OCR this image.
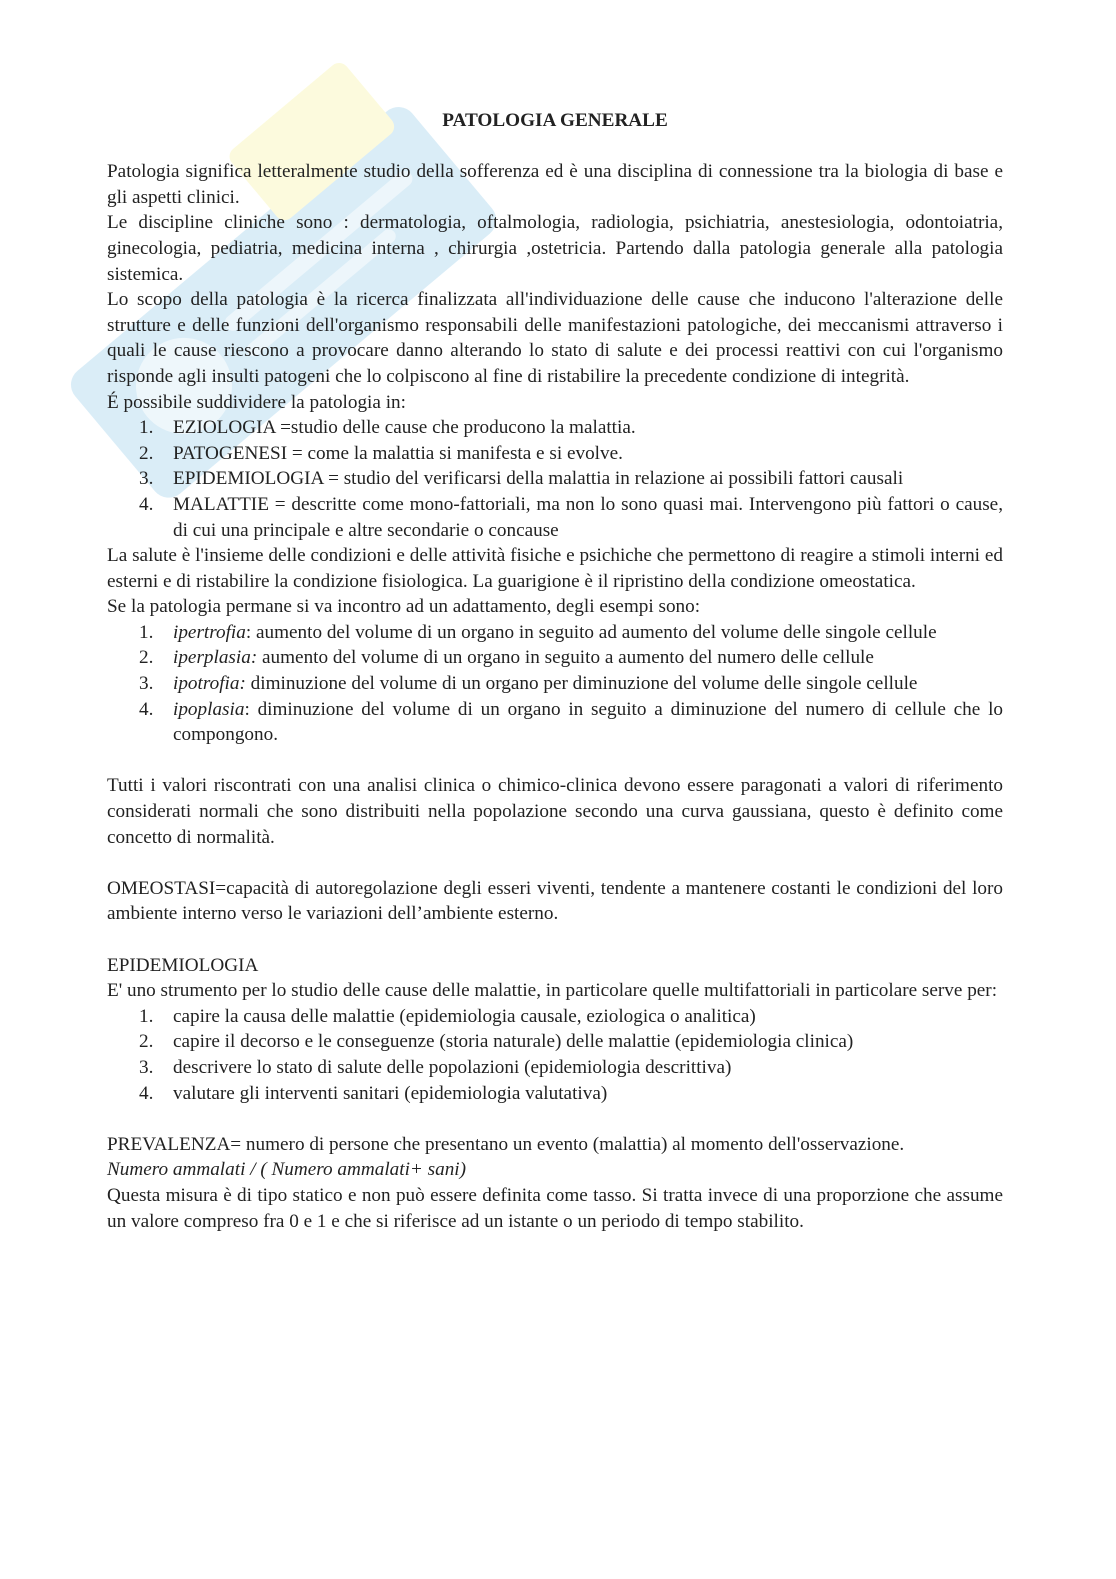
PATOLOGIA GENERALE

Patologia significa letteralmente studio della sofferenza ed è una disciplina di connessione tra la biologia di base e gli aspetti clinici.

Le discipline cliniche sono : dermatologia, oftalmologia, radiologia, psichiatria, anestesiologia, odontoiatria, ginecologia, pediatria, medicina interna , chirurgia ,ostetricia. Partendo dalla patologia generale alla patologia sistemica.

Lo scopo della patologia è la ricerca finalizzata all'individuazione delle cause che inducono l'alterazione delle strutture e delle funzioni dell'organismo responsabili delle manifestazioni patologiche, dei meccanismi attraverso i quali le cause riescono a provocare danno alterando lo stato di salute e dei processi reattivi con cui l'organismo risponde agli insulti patogeni che lo colpiscono al fine di ristabilire la precedente condizione di integrità.

É possibile suddividere la patologia in:

1.	EZIOLOGIA =studio delle cause che producono la malattia.
2.	PATOGENESI = come la malattia si manifesta e si evolve.
3.	EPIDEMIOLOGIA = studio del verificarsi della malattia in relazione ai possibili fattori causali
4.	MALATTIE = descritte come mono-fattoriali, ma non lo sono quasi mai. Intervengono più fattori o cause, di cui una principale e altre secondarie o concause

La salute è l'insieme delle condizioni e delle attività fisiche e psichiche che permettono di reagire a stimoli interni ed esterni e di ristabilire la condizione fisiologica. La guarigione è il ripristino della condizione omeostatica.

Se la patologia permane si va incontro ad un adattamento, degli esempi sono:

1.	ipertrofia: aumento del volume di un organo in seguito ad aumento del volume delle singole cellule
2.	iperplasia: aumento del volume di un organo in seguito a aumento del numero delle cellule
3.	ipotrofia: diminuzione del volume di un organo per diminuzione del volume delle singole cellule
4.	ipoplasia: diminuzione del volume di un organo in seguito a diminuzione del numero di cellule che lo compongono.

Tutti i valori riscontrati con una analisi clinica o chimico-clinica devono essere paragonati a valori di riferimento considerati normali che sono distribuiti nella popolazione secondo una curva gaussiana, questo è definito come concetto di normalità.

OMEOSTASI=capacità di autoregolazione degli esseri viventi, tendente a mantenere costanti le condizioni del loro ambiente interno verso le variazioni dell’ambiente esterno.

EPIDEMIOLOGIA

E' uno strumento per lo studio delle cause delle malattie, in particolare quelle multifattoriali in particolare serve per:

1.	capire la causa delle malattie (epidemiologia causale, eziologica o analitica)
2.	capire il decorso e le conseguenze (storia naturale) delle malattie (epidemiologia clinica)
3.	descrivere lo stato di salute delle popolazioni (epidemiologia descrittiva)
4.	valutare gli interventi sanitari (epidemiologia valutativa)

PREVALENZA= numero di persone che presentano un evento (malattia) al momento dell'osservazione.

Numero ammalati / ( Numero ammalati+ sani)

Questa misura è di tipo statico e non può essere definita come tasso. Si tratta invece di una proporzione che assume un valore compreso fra 0 e 1 e che si riferisce ad un istante o un periodo di tempo stabilito.
